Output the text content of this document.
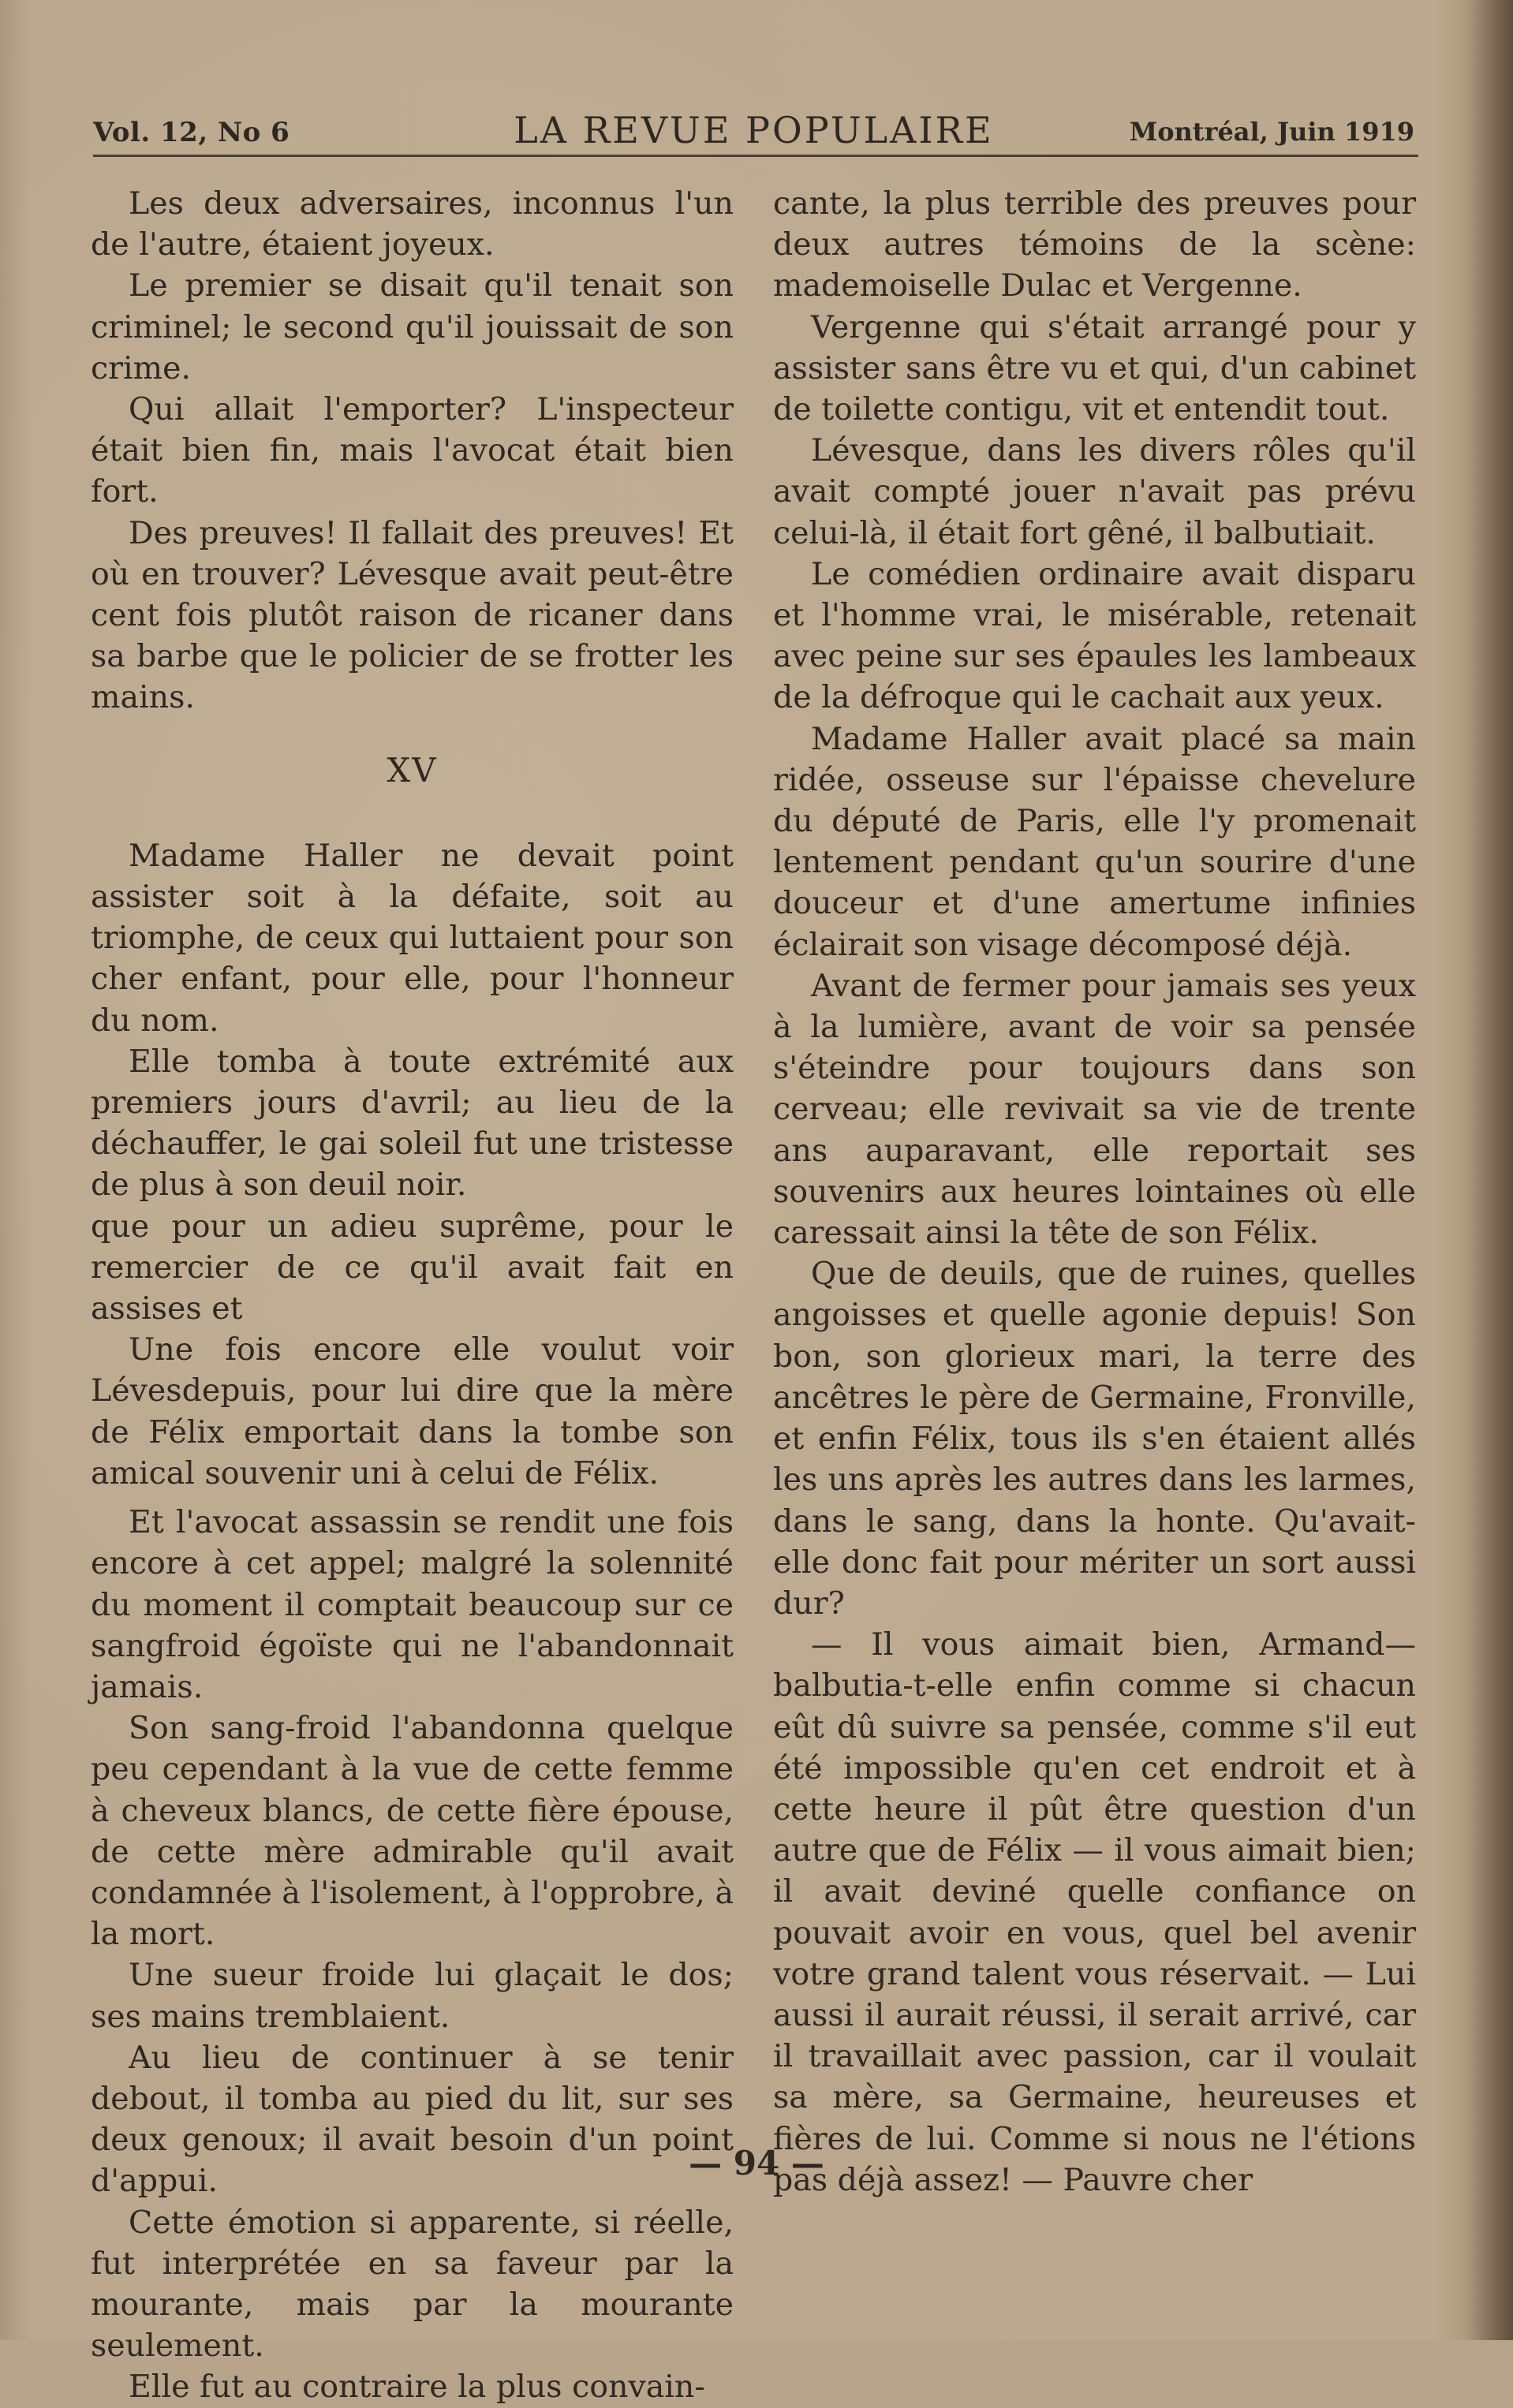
Vol. 12, No 6	LA REVUE POPULAIRE	Montréal, Juin 1919

Les deux adversaires, inconnus l'un de l'autre, étaient joyeux.

Le premier se disait qu'il tenait son criminel; le second qu'il jouissait de son crime.

Qui allait l'emporter? L'inspecteur était bien fin, mais l'avocat était bien fort.

Des preuves! Il fallait des preuves! Et où en trouver? Lévesque avait peut-être cent fois plutôt raison de ricaner dans sa barbe que le policier de se frotter les mains.

XV

Madame Haller ne devait point assister soit à la défaite, soit au triomphe, de ceux qui luttaient pour son cher enfant, pour elle, pour l'honneur du nom.

Elle tomba à toute extrémité aux premiers jours d'avril; au lieu de la déchauffer, le gai soleil fut une tristesse de plus à son deuil noir.

que pour un adieu suprême, pour le remercier de ce qu'il avait fait en assises et

Une fois encore elle voulut voir Lévesdepuis, pour lui dire que la mère de Félix emportait dans la tombe son amical souvenir uni à celui de Félix.

Et l'avocat assassin se rendit une fois encore à cet appel; malgré la solennité du moment il comptait beaucoup sur ce sangfroid égoïste qui ne l'abandonnait jamais.

Son sang-froid l'abandonna quelque peu cependant à la vue de cette femme à cheveux blancs, de cette fière épouse, de cette mère admirable qu'il avait condamnée à l'isolement, à l'opprobre, à la mort.

Une sueur froide lui glaçait le dos; ses mains tremblaient.

Au lieu de continuer à se tenir debout, il tomba au pied du lit, sur ses deux genoux; il avait besoin d'un point d'appui.

Cette émotion si apparente, si réelle, fut interprétée en sa faveur par la mourante, mais par la mourante seulement.

Elle fut au contraire la plus convain-

cante, la plus terrible des preuves pour deux autres témoins de la scène: mademoiselle Dulac et Vergenne.

Vergenne qui s'était arrangé pour y assister sans être vu et qui, d'un cabinet de toilette contigu, vit et entendit tout.

Lévesque, dans les divers rôles qu'il avait compté jouer n'avait pas prévu celui-là, il était fort gêné, il balbutiait.

Le comédien ordinaire avait disparu et l'homme vrai, le misérable, retenait avec peine sur ses épaules les lambeaux de la défroque qui le cachait aux yeux.

Madame Haller avait placé sa main ridée, osseuse sur l'épaisse chevelure du député de Paris, elle l'y promenait lentement pendant qu'un sourire d'une douceur et d'une amertume infinies éclairait son visage décomposé déjà.

Avant de fermer pour jamais ses yeux à la lumière, avant de voir sa pensée s'éteindre pour toujours dans son cerveau; elle revivait sa vie de trente ans auparavant, elle reportait ses souvenirs aux heures lointaines où elle caressait ainsi la tête de son Félix.

Que de deuils, que de ruines, quelles angoisses et quelle agonie depuis! Son bon, son glorieux mari, la terre des ancêtres le père de Germaine, Fronville, et enfin Félix, tous ils s'en étaient allés les uns après les autres dans les larmes, dans le sang, dans la honte. Qu'avait-elle donc fait pour mériter un sort aussi dur?

— Il vous aimait bien, Armand—balbutia-t-elle enfin comme si chacun eût dû suivre sa pensée, comme s'il eut été impossible qu'en cet endroit et à cette heure il pût être question d'un autre que de Félix — il vous aimait bien; il avait deviné quelle confiance on pouvait avoir en vous, quel bel avenir votre grand talent vous réservait. — Lui aussi il aurait réussi, il serait arrivé, car il travaillait avec passion, car il voulait sa mère, sa Germaine, heureuses et fières de lui. Comme si nous ne l'étions pas déjà assez! — Pauvre cher

— 94 —
